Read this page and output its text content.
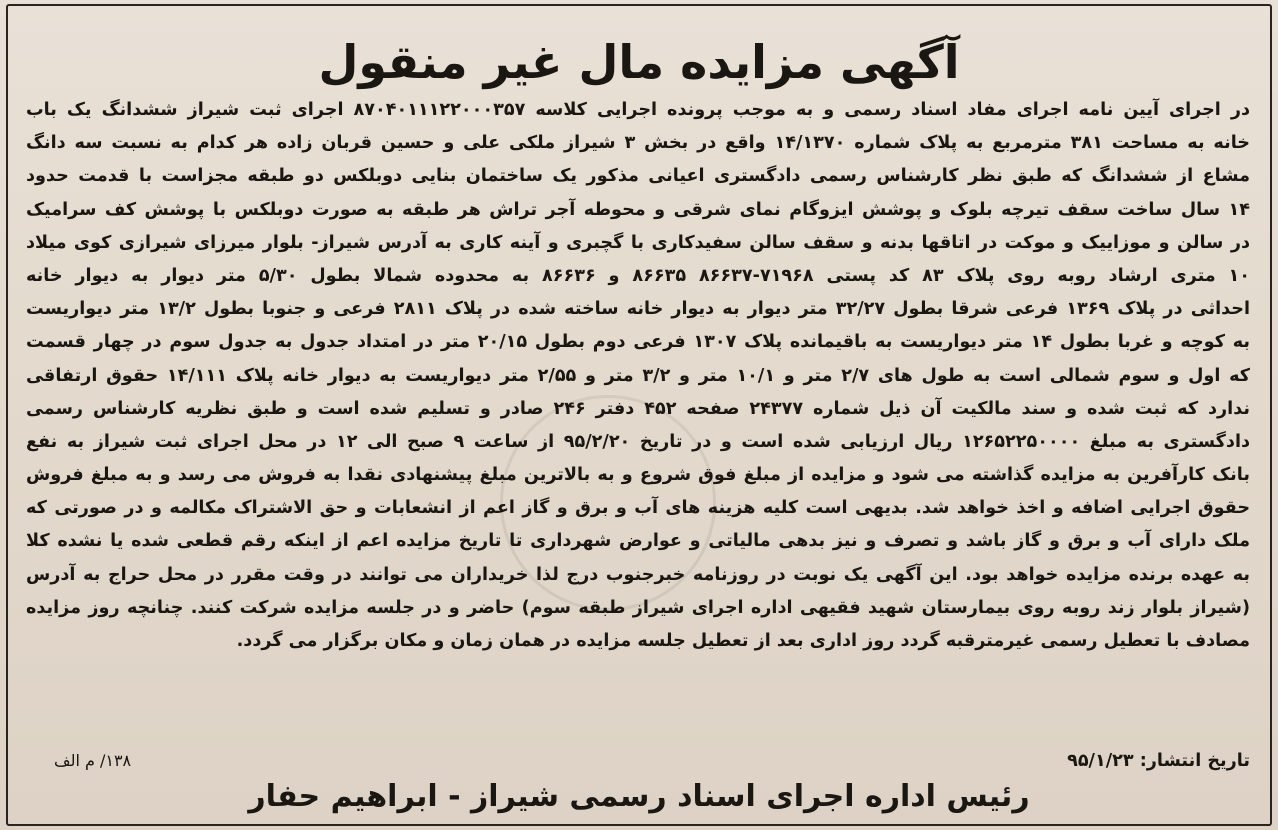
آگهی مزایده مال غیر منقول
در اجرای آیین نامه اجرای مفاد اسناد رسمی و به موجب پرونده اجرایی کلاسه ۸۷۰۴۰۱۱۱۲۲۰۰۰۳۵۷ اجرای ثبت شیراز ششدانگ یک باب
خانه به مساحت ۳۸۱ مترمربع به پلاک شماره ۱۴/۱۳۷۰ واقع در بخش ۳ شیراز ملکی علی و حسین قربان زاده هر کدام به نسبت سه دانگ
مشاع از ششدانگ که طبق نظر کارشناس رسمی دادگستری اعیانی مذکور یک ساختمان بنایی دوبلکس دو طبقه مجزاست با قدمت حدود
۱۴ سال ساخت سقف تیرچه بلوک و پوشش ایزوگام نمای شرقی و محوطه آجر تراش هر طبقه به صورت دوبلکس با پوشش کف سرامیک
در سالن و موزاییک و موکت در اتاقها بدنه و سقف سالن سفیدکاری با گچبری و آینه کاری به آدرس شیراز- بلوار میرزای شیرازی کوی میلاد
۱۰ متری ارشاد روبه روی پلاک ۸۳ کد پستی ۷۱۹۶۸-۸۶۶۳۷ ۸۶۶۳۵ و ۸۶۶۳۶ به محدوده شمالا بطول ۵/۳۰ متر دیوار به دیوار خانه
احداثی در پلاک ۱۳۶۹ فرعی شرقا بطول ۳۲/۲۷ متر دیوار به دیوار خانه ساخته شده در پلاک ۲۸۱۱ فرعی و جنوبا بطول ۱۳/۲ متر دیواریست
به کوچه و غربا بطول ۱۴ متر دیواریست به باقیمانده پلاک ۱۳۰۷ فرعی دوم بطول ۲۰/۱۵ متر در امتداد جدول به جدول سوم در چهار قسمت
که اول و سوم شمالی است به طول های ۲/۷ متر و ۱۰/۱ متر و ۳/۲ متر و ۲/۵۵ متر دیواریست به دیوار خانه پلاک ۱۴/۱۱۱ حقوق ارتفاقی
ندارد که ثبت شده و سند مالکیت آن ذیل شماره ۲۴۳۷۷ صفحه ۴۵۲ دفتر ۲۴۶ صادر و تسلیم شده است و طبق نظریه کارشناس رسمی
دادگستری به مبلغ ۱۲۶۵۲۲۵۰۰۰۰ ریال ارزیابی شده است و در تاریخ ۹۵/۲/۲۰ از ساعت ۹ صبح الی ۱۲ در محل اجرای ثبت شیراز به نفع
بانک کارآفرین به مزایده گذاشته می شود و مزایده از مبلغ فوق شروع و به بالاترین مبلغ پیشنهادی نقدا به فروش می رسد و به مبلغ فروش
حقوق اجرایی اضافه و اخذ خواهد شد. بدیهی است کلیه هزینه های آب و برق و گاز اعم از انشعابات و حق الاشتراک مکالمه و در صورتی که
ملک دارای آب و برق و گاز باشد و تصرف و نیز بدهی مالیاتی و عوارض شهرداری تا تاریخ مزایده اعم از اینکه رقم قطعی شده یا نشده کلا
به عهده برنده مزایده خواهد بود. این آگهی یک نوبت در روزنامه خبرجنوب درج لذا خریداران می توانند در وقت مقرر در محل حراج به آدرس
(شیراز بلوار زند روبه روی بیمارستان شهید فقیهی اداره اجرای شیراز طبقه سوم) حاضر و در جلسه مزایده شرکت کنند. چنانچه روز مزایده
مصادف با تعطیل رسمی غیرمترقبه گردد روز اداری بعد از تعطیل جلسه مزایده در همان زمان و مکان برگزار می گردد.
تاریخ انتشار: ۹۵/۱/۲۳
۱۳۸/ م الف
رئیس اداره اجرای اسناد رسمی شیراز - ابراهیم حفار
